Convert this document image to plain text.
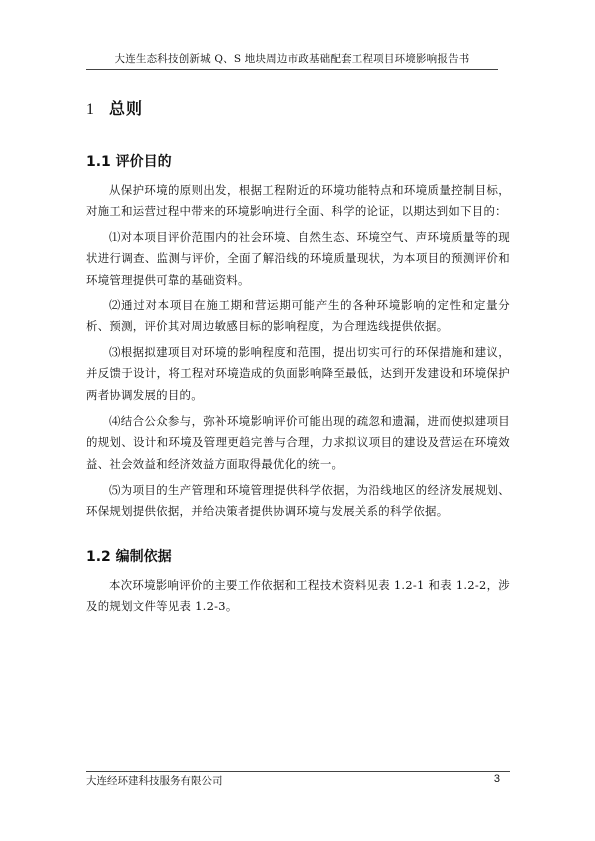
大连生态科技创新城 Q、S 地块周边市政基础配套工程项目环境影响报告书
1 总则
1.1 评价目的
从保护环境的原则出发，根据工程附近的环境功能特点和环境质量控制目标，对施工和运营过程中带来的环境影响进行全面、科学的论证，以期达到如下目的：
⑴对本项目评价范围内的社会环境、自然生态、环境空气、声环境质量等的现状进行调查、监测与评价，全面了解沿线的环境质量现状，为本项目的预测评价和环境管理提供可靠的基础资料。
⑵通过对本项目在施工期和营运期可能产生的各种环境影响的定性和定量分析、预测，评价其对周边敏感目标的影响程度，为合理选线提供依据。
⑶根据拟建项目对环境的影响程度和范围，提出切实可行的环保措施和建议，并反馈于设计，将工程对环境造成的负面影响降至最低，达到开发建设和环境保护两者协调发展的目的。
⑷结合公众参与，弥补环境影响评价可能出现的疏忽和遗漏，进而使拟建项目的规划、设计和环境及管理更趋完善与合理，力求拟议项目的建设及营运在环境效益、社会效益和经济效益方面取得最优化的统一。
⑸为项目的生产管理和环境管理提供科学依据，为沿线地区的经济发展规划、环保规划提供依据，并给决策者提供协调环境与发展关系的科学依据。
1.2 编制依据
本次环境影响评价的主要工作依据和工程技术资料见表 1.2-1 和表 1.2-2，涉及的规划文件等见表 1.2-3。
大连经环建科技服务有限公司	3
